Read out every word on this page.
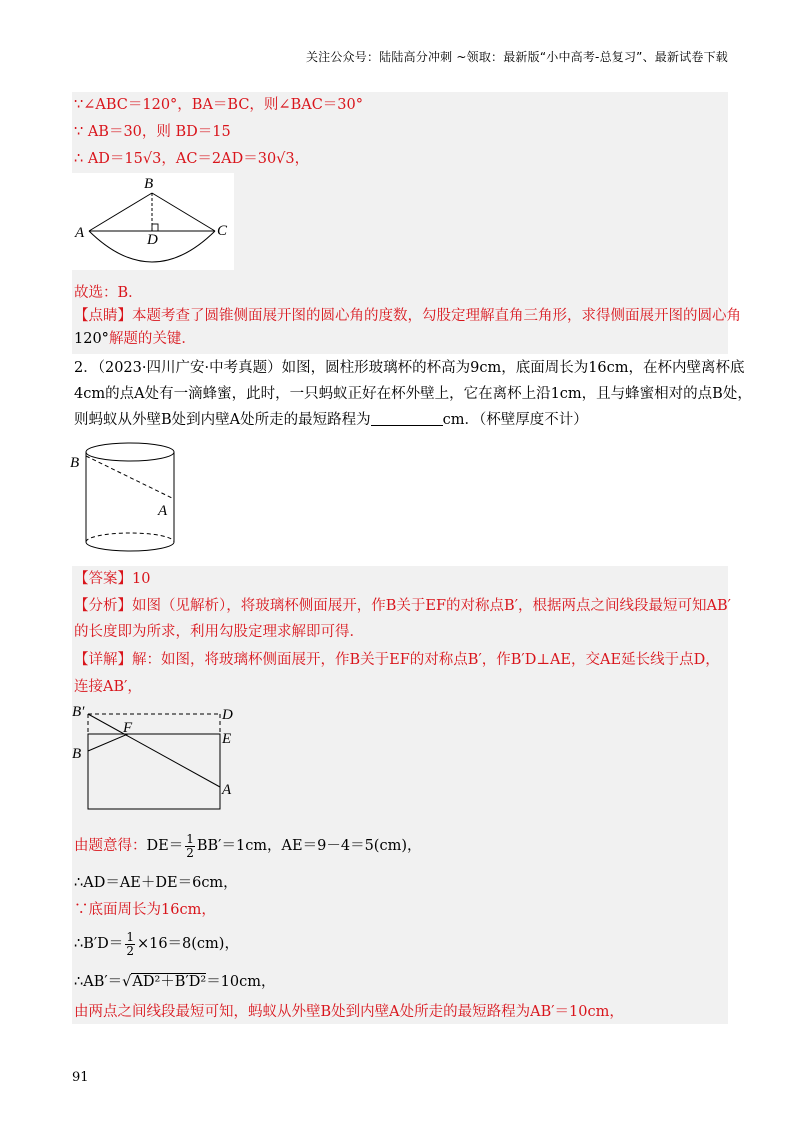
关注公众号：陆陆高分冲刺 ~领取：最新版“小中高考-总复习”、最新试卷下载
∵∠ABC＝120°，BA＝BC，则∠BAC＝30°
∵ AB＝30，则 BD＝15
∴ AD＝15√3，AC＝2AD＝30√3，
B
A	D
C
故选：B．
【点睛】本题考查了圆锥侧面展开图的圆心角的度数，勾股定理解直角三角形，求得侧面展开图的圆心角
120°解题的关键．
2．（2023·四川广安·中考真题）如图，圆柱形玻璃杯的杯高为9cm，底面周长为16cm，在杯内壁离杯底
4cm的点A处有一滴蜂蜜，此时，一只蚂蚁正好在杯外壁上，它在离杯上沿1cm，且与蜂蜜相对的点B处，
则蚂蚁从外壁B处到内壁A处所走的最短路程为	cm．（杯壁厚度不计）
B
A
【答案】10
【分析】如图（见解析），将玻璃杯侧面展开，作B关于EF的对称点B′，根据两点之间线段最短可知AB′
的长度即为所求，利用勾股定理求解即可得．
【详解】解：如图，将玻璃杯侧面展开，作B关于EF的对称点B′，作B′D⊥AE，交AE延长线于点D，
连接AB′，
B′	D
F
E
B
A
由题意得：$DE= \frac{1}{2} BB'=1cm$，AE＝9－4＝5(cm)，
∴AD＝AE＋DE＝6cm，
∵底面周长为16cm，
∴B′D＝ $\frac{1}{2} \times 16=8(cm)$，
∴AB′＝√AD²＋B′D²＝10cm，
由两点之间线段最短可知，蚂蚁从外壁B处到内壁A处所走的最短路程为AB′＝10cm，
91
